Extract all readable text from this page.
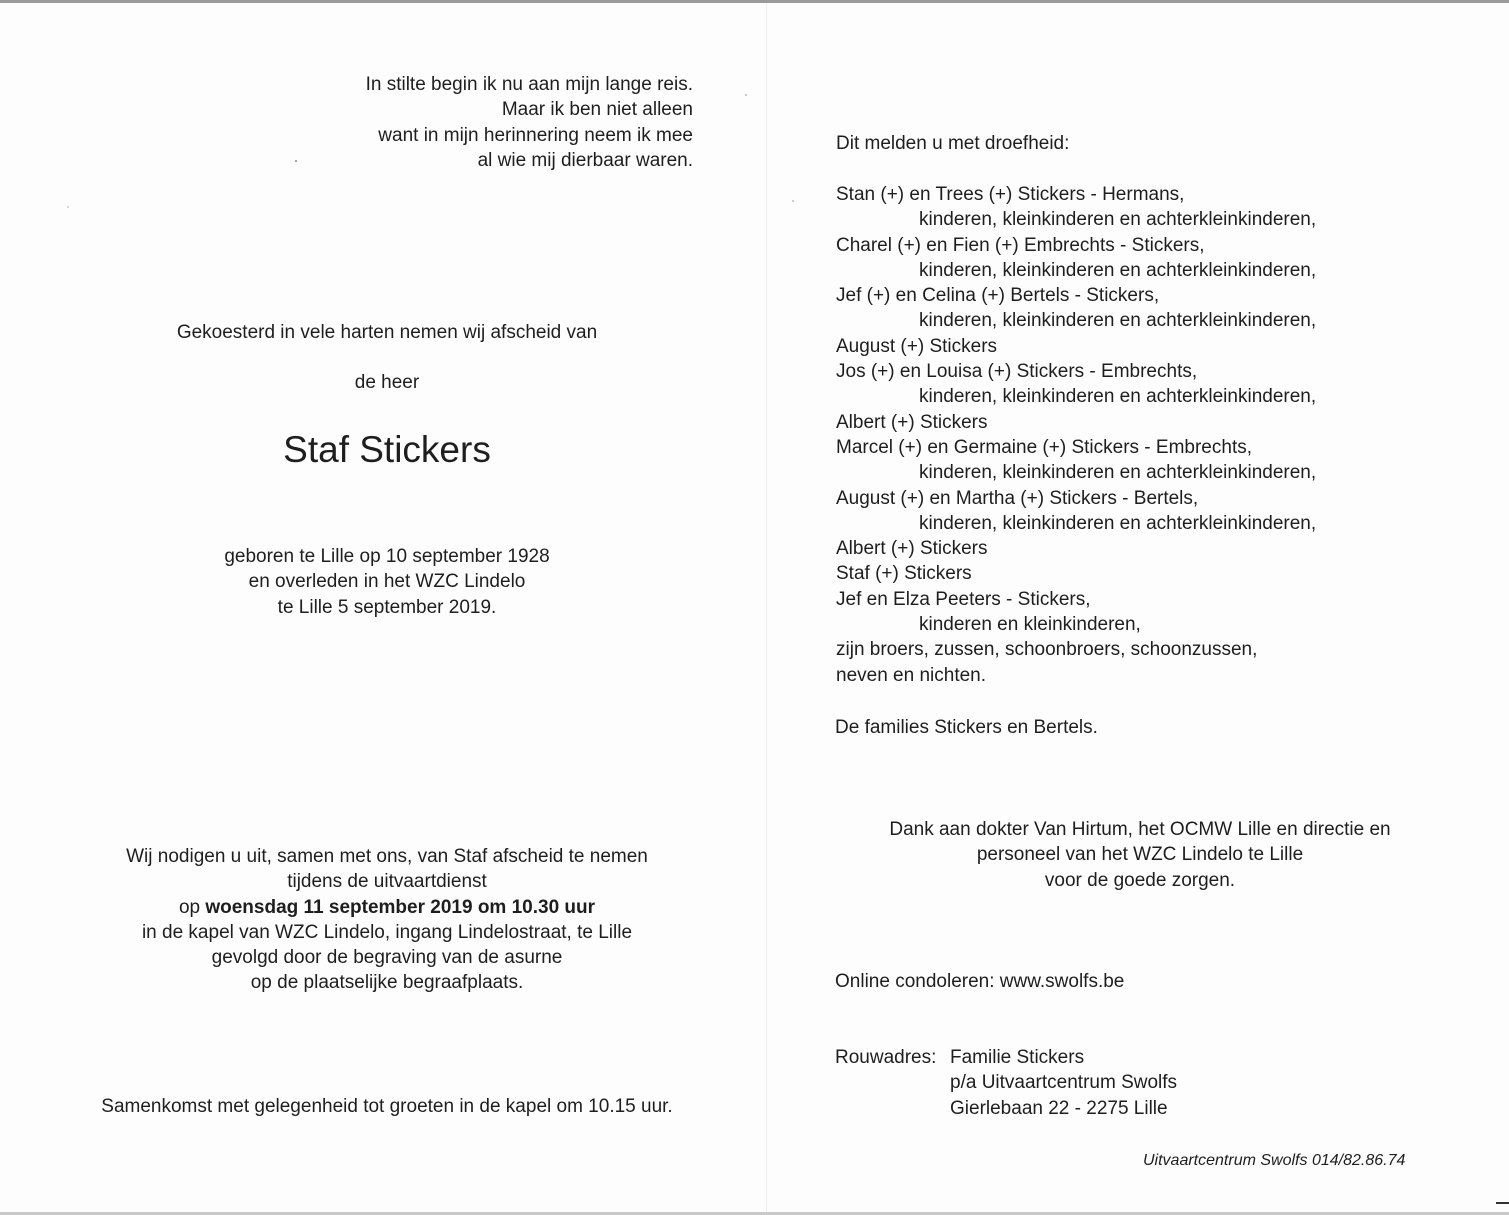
In stilte begin ik nu aan mijn lange reis.
Maar ik ben niet alleen
want in mijn herinnering neem ik mee
al wie mij dierbaar waren.
Gekoesterd in vele harten nemen wij afscheid van
de heer
Staf Stickers
geboren te Lille op 10 september 1928
en overleden in het WZC Lindelo
te Lille 5 september 2019.
Wij nodigen u uit, samen met ons, van Staf afscheid te nemen
tijdens de uitvaartdienst
op woensdag 11 september 2019 om 10.30 uur
in de kapel van WZC Lindelo, ingang Lindelostraat, te Lille
gevolgd door de begraving van de asurne
op de plaatselijke begraafplaats.
Samenkomst met gelegenheid tot groeten in de kapel om 10.15 uur.
Dit melden u met droefheid:
Stan (+) en Trees (+) Stickers - Hermans,
kinderen, kleinkinderen en achterkleinkinderen,
Charel (+) en Fien (+) Embrechts - Stickers,
kinderen, kleinkinderen en achterkleinkinderen,
Jef (+) en Celina (+) Bertels - Stickers,
kinderen, kleinkinderen en achterkleinkinderen,
August (+) Stickers
Jos (+) en Louisa (+) Stickers - Embrechts,
kinderen, kleinkinderen en achterkleinkinderen,
Albert (+) Stickers
Marcel (+) en Germaine (+) Stickers - Embrechts,
kinderen, kleinkinderen en achterkleinkinderen,
August (+) en Martha (+) Stickers - Bertels,
kinderen, kleinkinderen en achterkleinkinderen,
Albert (+) Stickers
Staf (+) Stickers
Jef en Elza Peeters - Stickers,
kinderen en kleinkinderen,
zijn broers, zussen, schoonbroers, schoonzussen,
neven en nichten.
De families Stickers en Bertels.
Dank aan dokter Van Hirtum, het OCMW Lille en directie en
personeel van het WZC Lindelo te Lille
voor de goede zorgen.
Online condoleren: www.swolfs.be
Rouwadres: Familie Stickers
p/a Uitvaartcentrum Swolfs
Gierlebaan 22 - 2275 Lille
Uitvaartcentrum Swolfs 014/82.86.74
